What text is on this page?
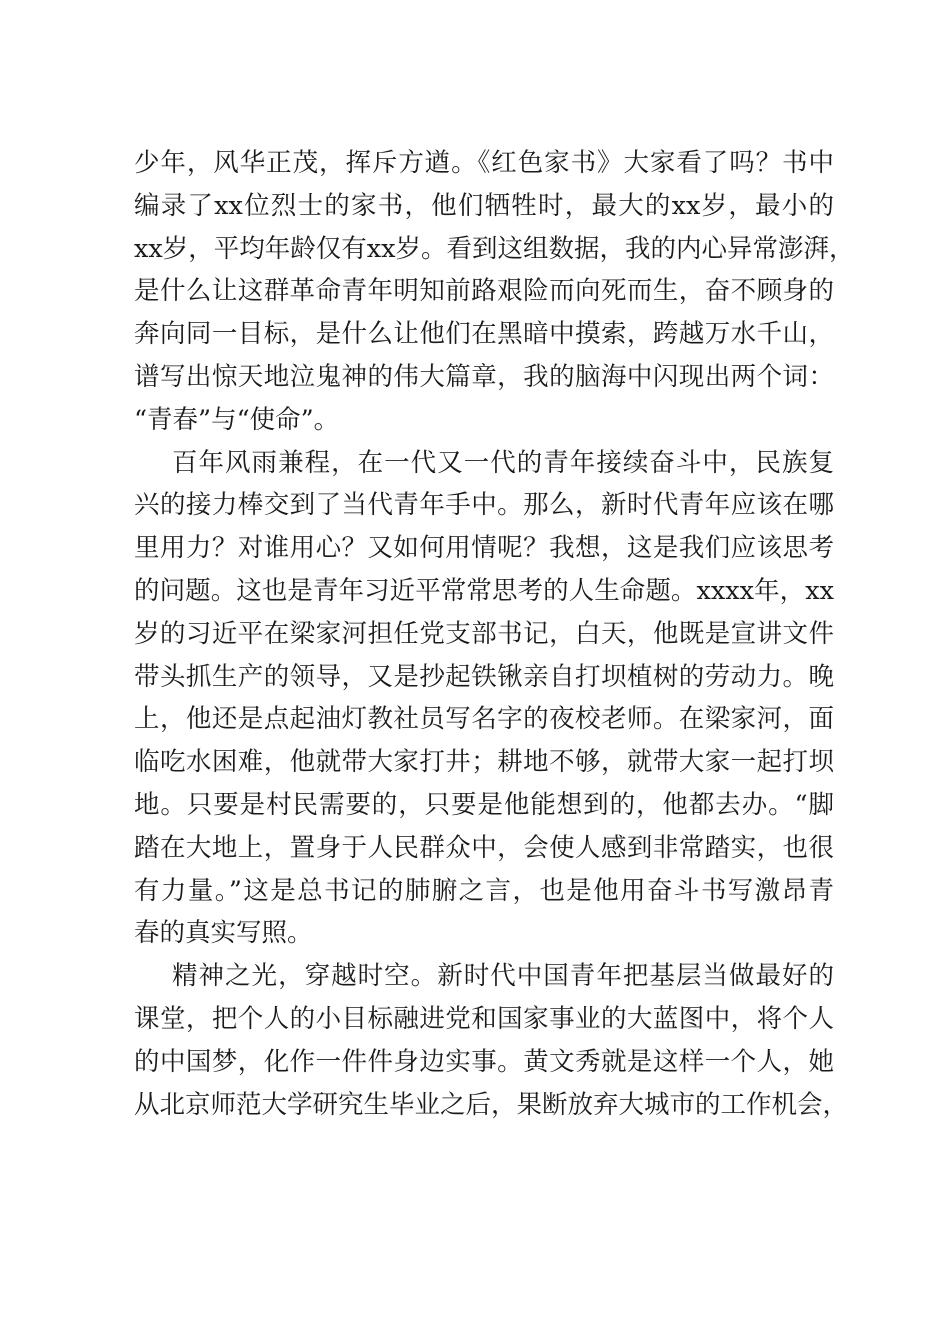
少年，风华正茂，挥斥方遒。《红色家书》大家看了吗？书中
编录了xx位烈士的家书，他们牺牲时，最大的xx岁，最小的
xx岁，平均年龄仅有xx岁。看到这组数据，我的内心异常澎湃，
是什么让这群革命青年明知前路艰险而向死而生，奋不顾身的
奔向同一目标，是什么让他们在黑暗中摸索，跨越万水千山，
谱写出惊天地泣鬼神的伟大篇章，我的脑海中闪现出两个词：
“青春”与“使命”。
百年风雨兼程，在一代又一代的青年接续奋斗中，民族复
兴的接力棒交到了当代青年手中。那么，新时代青年应该在哪
里用力？对谁用心？又如何用情呢？我想，这是我们应该思考
的问题。这也是青年习近平常常思考的人生命题。xxxx年，xx
岁的习近平在梁家河担任党支部书记，白天，他既是宣讲文件
带头抓生产的领导，又是抄起铁锹亲自打坝植树的劳动力。晚
上，他还是点起油灯教社员写名字的夜校老师。在梁家河，面
临吃水困难，他就带大家打井；耕地不够，就带大家一起打坝
地。只要是村民需要的，只要是他能想到的，他都去办。“脚
踏在大地上，置身于人民群众中，会使人感到非常踏实，也很
有力量。”这是总书记的肺腑之言，也是他用奋斗书写激昂青
春的真实写照。
精神之光，穿越时空。新时代中国青年把基层当做最好的
课堂，把个人的小目标融进党和国家事业的大蓝图中，将个人
的中国梦，化作一件件身边实事。黄文秀就是这样一个人，她
从北京师范大学研究生毕业之后，果断放弃大城市的工作机会，
